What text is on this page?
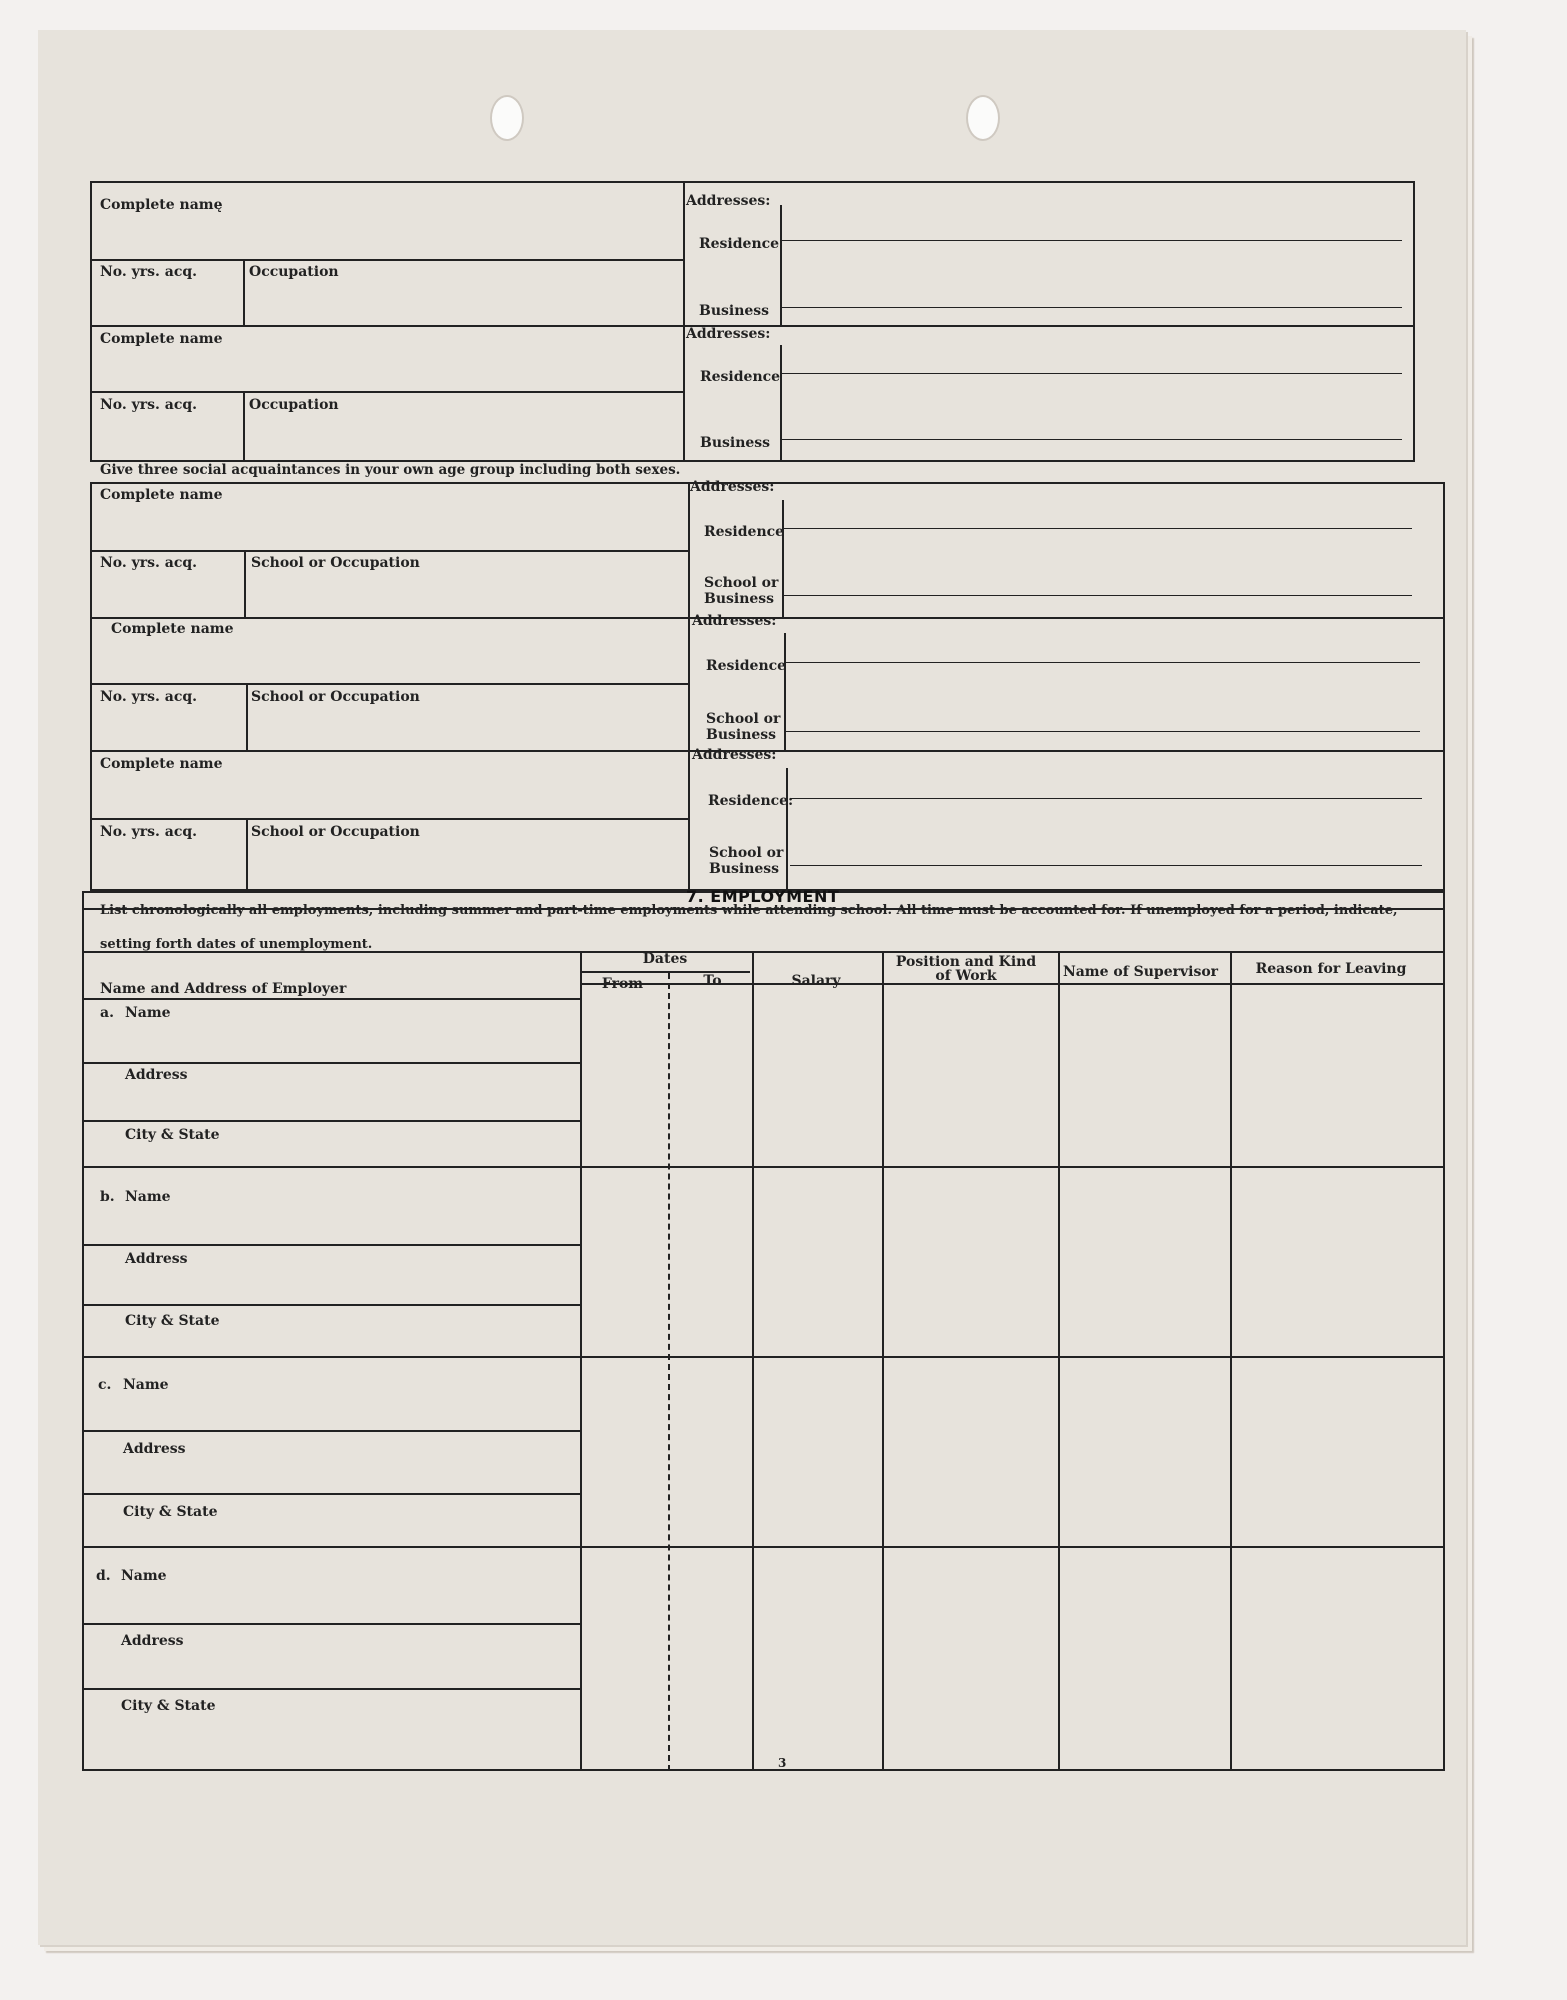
Complete namę
No. yrs. acq.	Occupation
Addresses:
Residence
Business
Complete name
No. yrs. acq.	Occupation
Addresses:
Residence
Business
Give three social acquaintances in your own age group including both sexes.
Complete name
No. yrs. acq.	School or Occupation
Addresses:
Residence
School or
Business
Complete name
No. yrs. acq.	School or Occupation
Addresses:
Residence
School or
Business
Complete name
No. yrs. acq.	School or Occupation
Addresses:
Residence:
School or
Business
7. EMPLOYMENT
List chronologically all employments, including summer and part-time employments while attending school. All time must be accounted for. If unemployed for a period, indicate,
setting forth dates of unemployment.
Name and Address of Employer
Dates
From	To	Salary
Position and Kind
of Work	Name of Supervisor	Reason for Leaving
a. Name
Address
City & State
b. Name
Address
City & State
c. Name
Address
City & State
d. Name
Address
City & State
3
